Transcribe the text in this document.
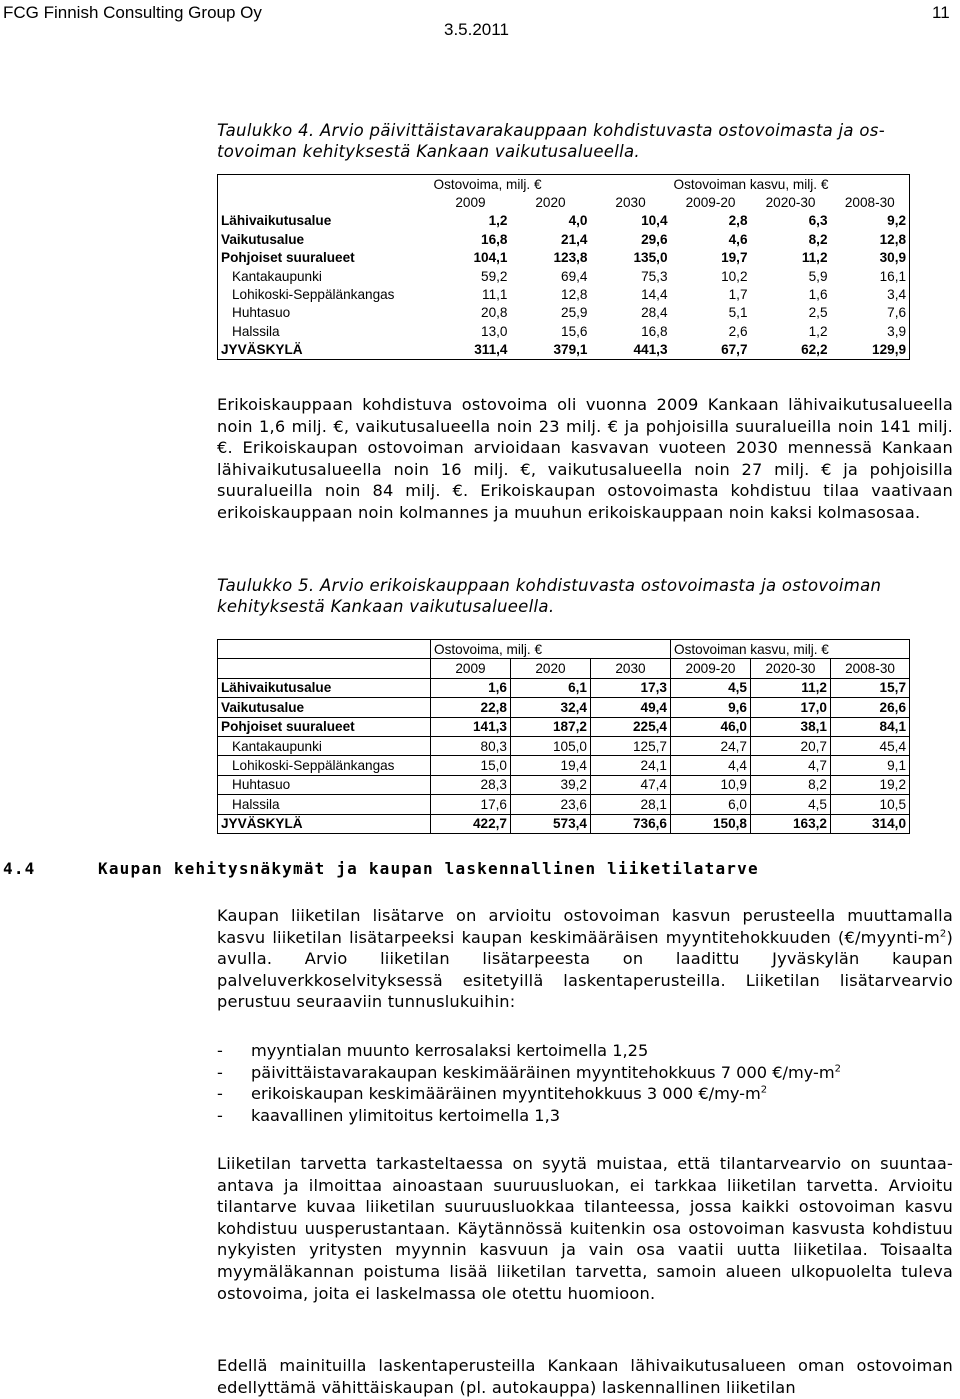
FCG Finnish Consulting Group Oy	11
3.5.2011
Taulukko 4. Arvio päivittäistavarakauppaan kohdistuvasta ostovoimasta ja ostovoiman kehityksestä Kankaan vaikutusalueella.
	Ostovoima, milj. €			Ostovoiman kasvu, milj. €		
	2009	2020	2030	2009-20	2020-30	2008-30
Lähivaikutusalue	1,2	4,0	10,4	2,8	6,3	9,2
Vaikutusalue	16,8	21,4	29,6	4,6	8,2	12,8
Pohjoiset suuralueet	104,1	123,8	135,0	19,7	11,2	30,9
Kantakaupunki	59,2	69,4	75,3	10,2	5,9	16,1
Lohikoski-Seppälänkangas	11,1	12,8	14,4	1,7	1,6	3,4
Huhtasuo	20,8	25,9	28,4	5,1	2,5	7,6
Halssila	13,0	15,6	16,8	2,6	1,2	3,9
JYVÄSKYLÄ	311,4	379,1	441,3	67,7	62,2	129,9
Erikoiskauppaan kohdistuva ostovoima oli vuonna 2009 Kankaan lähivaikutusalueella noin 1,6 milj. €, vaikutusalueella noin 23 milj. € ja pohjoisilla suuralueilla noin 141 milj. €. Erikoiskaupan ostovoiman arvioidaan kasvavan vuoteen 2030 mennessä Kankaan lähivaikutusalueella noin 16 milj. €, vaikutusalueella noin 27 milj. € ja pohjoisilla suuralueilla noin 84 milj. €. Erikoiskaupan ostovoimasta kohdistuu tilaa vaativaan erikoiskauppaan noin kolmannes ja muuhun erikoiskauppaan noin kaksi kolmasosaa.
Taulukko 5. Arvio erikoiskauppaan kohdistuvasta ostovoimasta ja ostovoiman kehityksestä Kankaan vaikutusalueella.
	Ostovoima, milj. €			Ostovoiman kasvu, milj. €		
	2009	2020	2030	2009-20	2020-30	2008-30
Lähivaikutusalue	1,6	6,1	17,3	4,5	11,2	15,7
Vaikutusalue	22,8	32,4	49,4	9,6	17,0	26,6
Pohjoiset suuralueet	141,3	187,2	225,4	46,0	38,1	84,1
Kantakaupunki	80,3	105,0	125,7	24,7	20,7	45,4
Lohikoski-Seppälänkangas	15,0	19,4	24,1	4,4	4,7	9,1
Huhtasuo	28,3	39,2	47,4	10,9	8,2	19,2
Halssila	17,6	23,6	28,1	6,0	4,5	10,5
JYVÄSKYLÄ	422,7	573,4	736,6	150,8	163,2	314,0
4.4	Kaupan kehitysnäkymät ja kaupan laskennallinen liiketilatarve
Kaupan liiketilan lisätarve on arvioitu ostovoiman kasvun perusteella muuttamalla kasvu liiketilan lisätarpeeksi kaupan keskimääräisen myyntitehokkuuden $(€/myynti-m^2)$ avulla. Arvio liiketilan lisätarpeesta on laadittu Jyväskylän kaupan palveluverkkoselvityksessä esitetyillä laskentaperusteilla. Liiketilan lisätarvearvio perustuu seuraaviin tunnuslukuihin:
- myyntialan muunto kerrosalaksi kertoimella 1,25
- päivittäistavarakaupan keskimääräinen myyntitehokkuus 7 000 $€/my-m^2$
- erikoiskaupan keskimääräinen myyntitehokkuus 3 000 $€/my-m^2$
- kaavallinen ylimitoitus kertoimella 1,3
Liiketilan tarvetta tarkasteltaessa on syytä muistaa, että tilantarvearvio on suuntaa-antava ja ilmoittaa ainoastaan suuruusluokan, ei tarkkaa liiketilan tarvetta. Arvioitu tilantarve kuvaa liiketilan suuruusluokkaa tilanteessa, jossa kaikki ostovoiman kasvu kohdistuu uusperustantaan. Käytännössä kuitenkin osa ostovoiman kasvusta kohdistuu nykyisten yritysten myynnin kasvuun ja vain osa vaatii uutta liiketilaa. Toisaalta myymäläkannan poistuma lisää liiketilan tarvetta, samoin alueen ulkopuolelta tuleva ostovoima, joita ei laskelmassa ole otettu huomioon.
Edellä mainituilla laskentaperusteilla Kankaan lähivaikutusalueen oman ostovoiman edellyttämä vähittäiskaupan (pl. autokauppa) laskennallinen liiketilan
